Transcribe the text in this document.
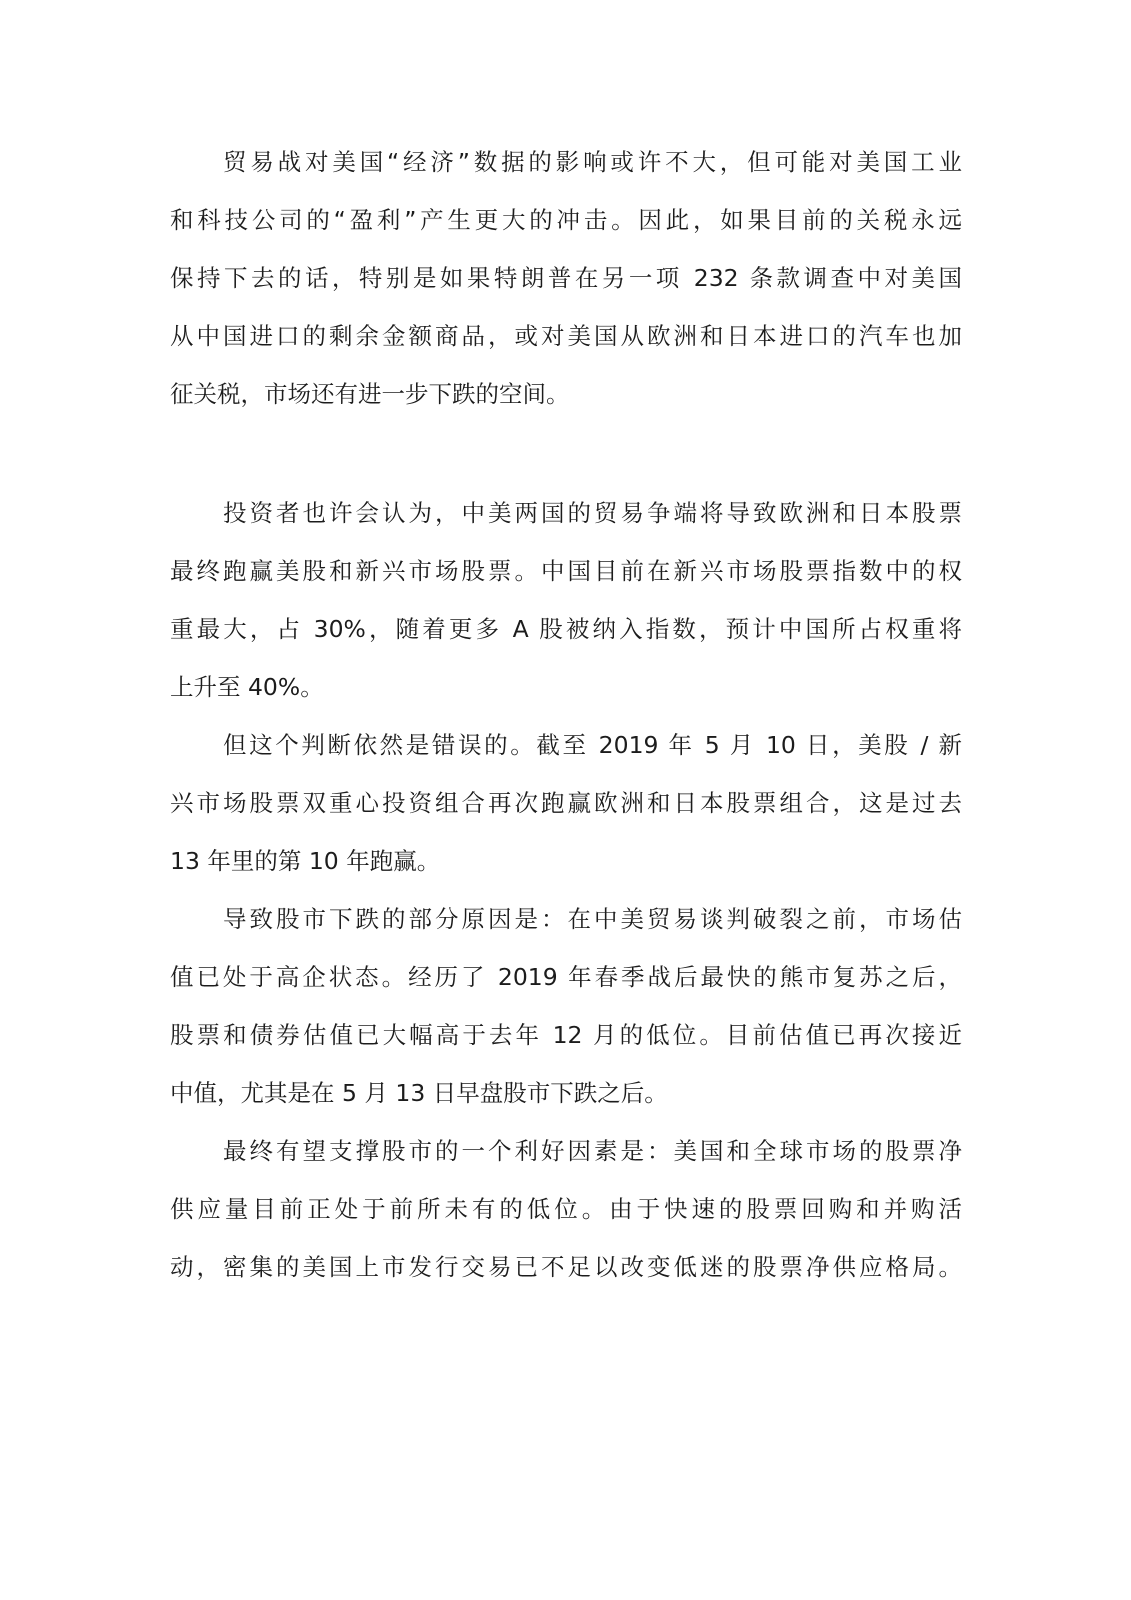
贸易战对美国“经济”数据的影响或许不大，但可能对美国工业

和科技公司的“盈利”产生更大的冲击。因此，如果目前的关税永远

保持下去的话，特别是如果特朗普在另一项 232 条款调查中对美国

从中国进口的剩余金额商品，或对美国从欧洲和日本进口的汽车也加

征关税，市场还有进一步下跌的空间。

投资者也许会认为，中美两国的贸易争端将导致欧洲和日本股票

最终跑赢美股和新兴市场股票。中国目前在新兴市场股票指数中的权

重最大，占 30%，随着更多 A 股被纳入指数，预计中国所占权重将

上升至 40%。

但这个判断依然是错误的。截至 2019 年 5 月 10 日，美股 / 新

兴市场股票双重心投资组合再次跑赢欧洲和日本股票组合，这是过去

13 年里的第 10 年跑赢。

导致股市下跌的部分原因是：在中美贸易谈判破裂之前，市场估

值已处于高企状态。经历了 2019 年春季战后最快的熊市复苏之后，

股票和债券估值已大幅高于去年 12 月的低位。目前估值已再次接近

中值，尤其是在 5 月 13 日早盘股市下跌之后。

最终有望支撑股市的一个利好因素是：美国和全球市场的股票净

供应量目前正处于前所未有的低位。由于快速的股票回购和并购活

动，密集的美国上市发行交易已不足以改变低迷的股票净供应格局。
